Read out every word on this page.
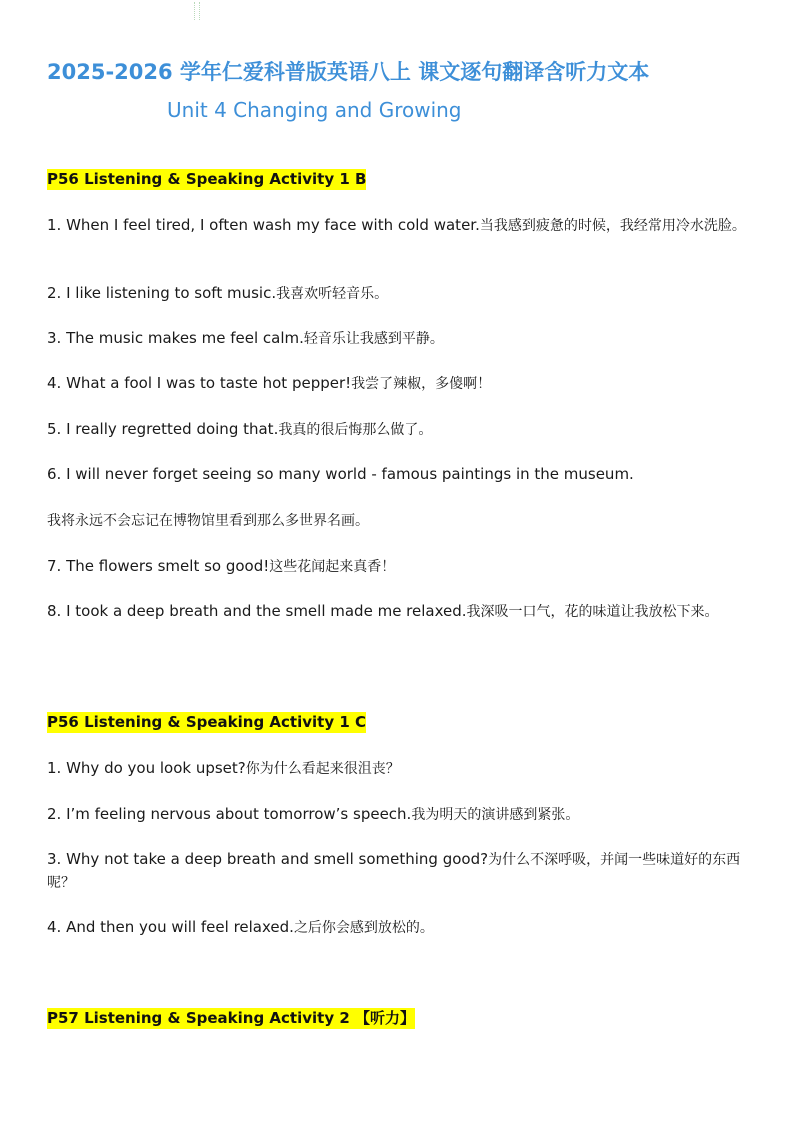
2025-2026 学年仁爱科普版英语八上 课文逐句翻译含听力文本
Unit 4 Changing and Growing
P56 Listening & Speaking Activity 1 B

1. When I feel tired, I often wash my face with cold water.当我感到疲惫的时候，我经常用冷水洗脸。

2. I like listening to soft music.我喜欢听轻音乐。

3. The music makes me feel calm.轻音乐让我感到平静。

4. What a fool I was to taste hot pepper!我尝了辣椒，多傻啊！

5. I really regretted doing that.我真的很后悔那么做了。

6. I will never forget seeing so many world - famous paintings in the museum.

我将永远不会忘记在博物馆里看到那么多世界名画。

7. The flowers smelt so good!这些花闻起来真香！

8. I took a deep breath and the smell made me relaxed.我深吸一口气，花的味道让我放松下来。

P56 Listening & Speaking Activity 1 C

1. Why do you look upset?你为什么看起来很沮丧？

2. I’m feeling nervous about tomorrow’s speech.我为明天的演讲感到紧张。

3. Why not take a deep breath and smell something good?为什么不深呼吸，并闻一些味道好的东西呢？

4. And then you will feel relaxed.之后你会感到放松的。

P57 Listening & Speaking Activity 2 【听力】
